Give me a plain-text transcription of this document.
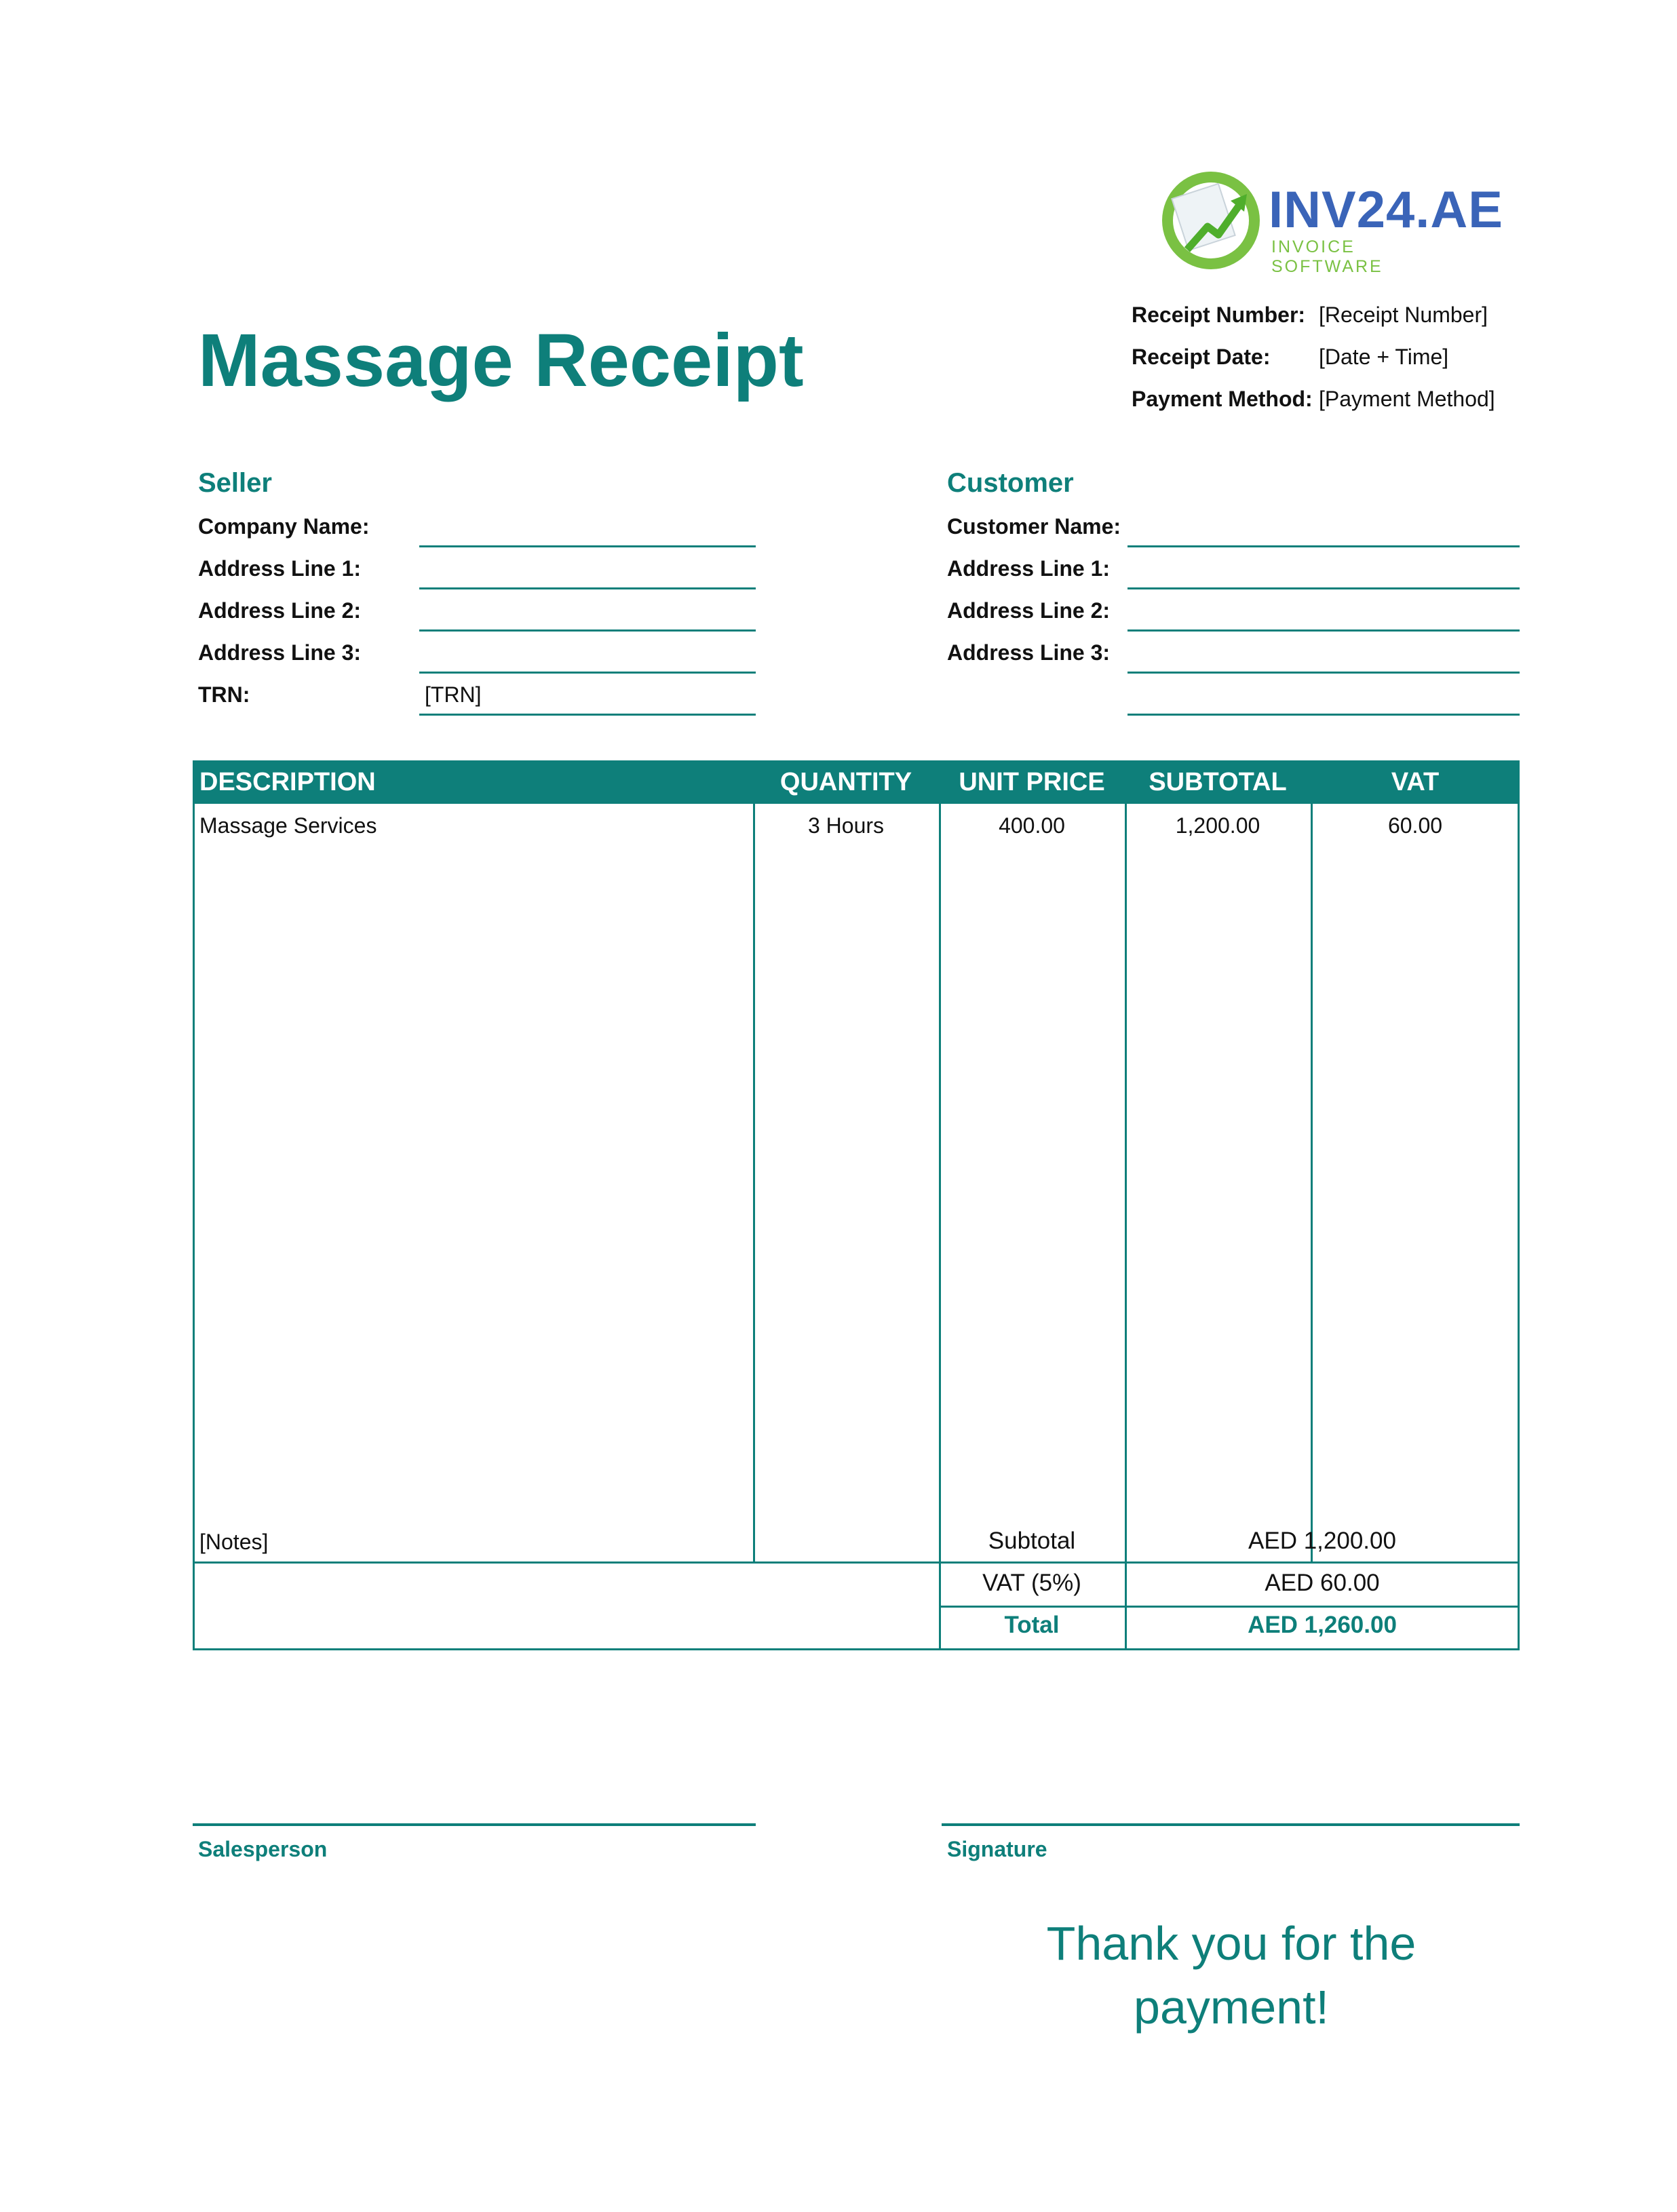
INV24.AE
INVOICE SOFTWARE
Massage Receipt
Receipt Number: [Receipt Number]
Receipt Date: [Date + Time]
Payment Method: [Payment Method]
Seller
Company Name:
Address Line 1:
Address Line 2:
Address Line 3:
TRN:	[TRN]
Customer
Customer Name:
Address Line 1:
Address Line 2:
Address Line 3:
DESCRIPTION	QUANTITY	UNIT PRICE	SUBTOTAL	VAT
Massage Services	3 Hours	400.00	1,200.00	60.00
[Notes]	Subtotal	AED 1,200.00
VAT (5%)	AED 60.00
Total	AED 1,260.00
Salesperson	Signature
Thank you for the payment!
